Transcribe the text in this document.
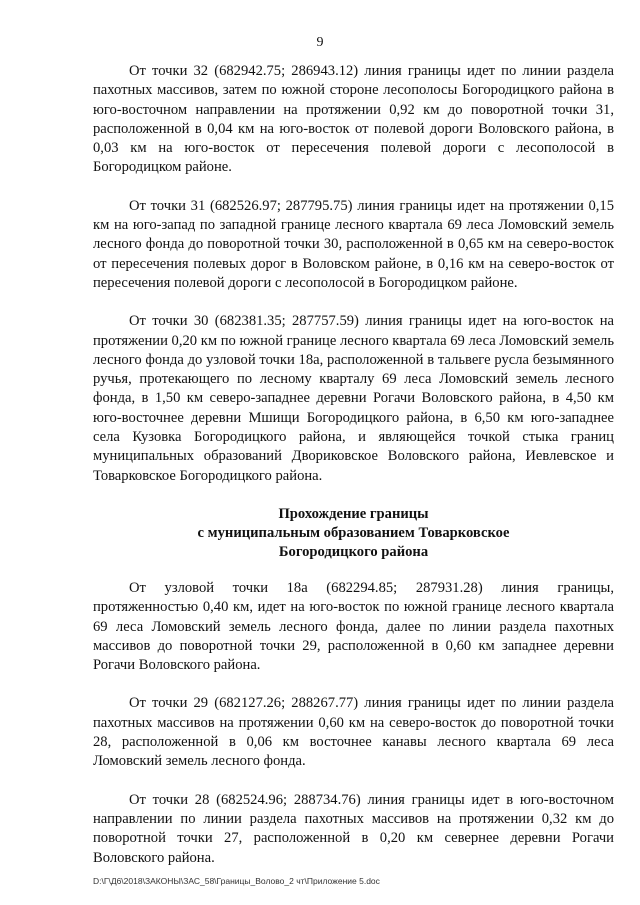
9

От точки 32 (682942.75; 286943.12) линия границы идет по линии раздела пахотных массивов, затем по южной стороне лесополосы Богородицкого района в юго-восточном направлении на протяжении 0,92 км до поворотной точки 31, расположенной в 0,04 км на юго-восток от полевой дороги Воловского района, в 0,03 км на юго-восток от пересечения полевой дороги с лесополосой в Богородицком районе.

От точки 31 (682526.97; 287795.75) линия границы идет на протяжении 0,15 км на юго-запад по западной границе лесного квартала 69 леса Ломовский земель лесного фонда до поворотной точки 30, расположенной в 0,65 км на северо-восток от пересечения полевых дорог в Воловском районе, в 0,16 км на северо-восток от пересечения полевой дороги с лесополосой в Богородицком районе.

От точки 30 (682381.35; 287757.59) линия границы идет на юго-восток на протяжении 0,20 км по южной границе лесного квартала 69 леса Ломовский земель лесного фонда до узловой точки 18а, расположенной в тальвеге русла безымянного ручья, протекающего по лесному кварталу 69 леса Ломовский земель лесного фонда, в 1,50 км северо-западнее деревни Рогачи Воловского района, в 4,50 км юго-восточнее деревни Мшищи Богородицкого района, в 6,50 км юго-западнее села Кузовка Богородицкого района, и являющейся точкой стыка границ муниципальных образований Двориковское Воловского района, Иевлевское и Товарковское Богородицкого района.

Прохождение границы
с муниципальным образованием Товарковское
Богородицкого района

От узловой точки 18а (682294.85; 287931.28) линия границы, протяженностью 0,40 км, идет на юго-восток по южной границе лесного квартала 69 леса Ломовский земель лесного фонда, далее по линии раздела пахотных массивов до поворотной точки 29, расположенной в 0,60 км западнее деревни Рогачи Воловского района.

От точки 29 (682127.26; 288267.77) линия границы идет по линии раздела пахотных массивов на протяжении 0,60 км на северо-восток до поворотной точки 28, расположенной в 0,06 км восточнее канавы лесного квартала 69 леса Ломовский земель лесного фонда.

От точки 28 (682524.96; 288734.76) линия границы идет в юго-восточном направлении по линии раздела пахотных массивов на протяжении 0,32 км до поворотной точки 27, расположенной в 0,20 км севернее деревни Рогачи Воловского района.

D:\Г\Д6\2018\ЗАКОНЫ\ЗАС_58\Границы_Волово_2 чт\Приложение 5.doc
